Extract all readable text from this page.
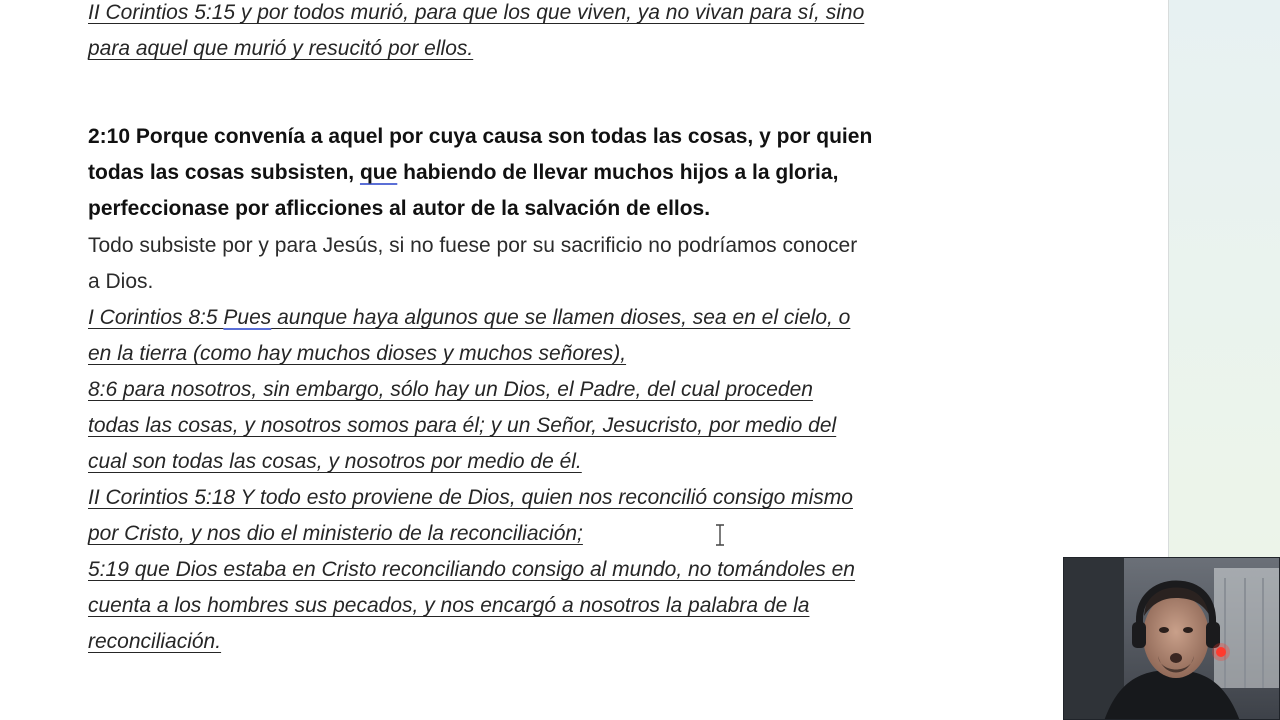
II Corintios 5:15 y por todos murió, para que los que viven, ya no vivan para sí, sino
para aquel que murió y resucitó por ellos.

2:10 Porque convenía a aquel por cuya causa son todas las cosas, y por quien
todas las cosas subsisten, que habiendo de llevar muchos hijos a la gloria,
perfeccionase por aflicciones al autor de la salvación de ellos.

Todo subsiste por y para Jesús, si no fuese por su sacrificio no podríamos conocer
a Dios.

I Corintios 8:5 Pues aunque haya algunos que se llamen dioses, sea en el cielo, o
en la tierra (como hay muchos dioses y muchos señores),

8:6 para nosotros, sin embargo, sólo hay un Dios, el Padre, del cual proceden
todas las cosas, y nosotros somos para él; y un Señor, Jesucristo, por medio del
cual son todas las cosas, y nosotros por medio de él.

II Corintios 5:18 Y todo esto proviene de Dios, quien nos reconcilió consigo mismo
por Cristo, y nos dio el ministerio de la reconciliación;

5:19 que Dios estaba en Cristo reconciliando consigo al mundo, no tomándoles en
cuenta a los hombres sus pecados, y nos encargó a nosotros la palabra de la
reconciliación.
